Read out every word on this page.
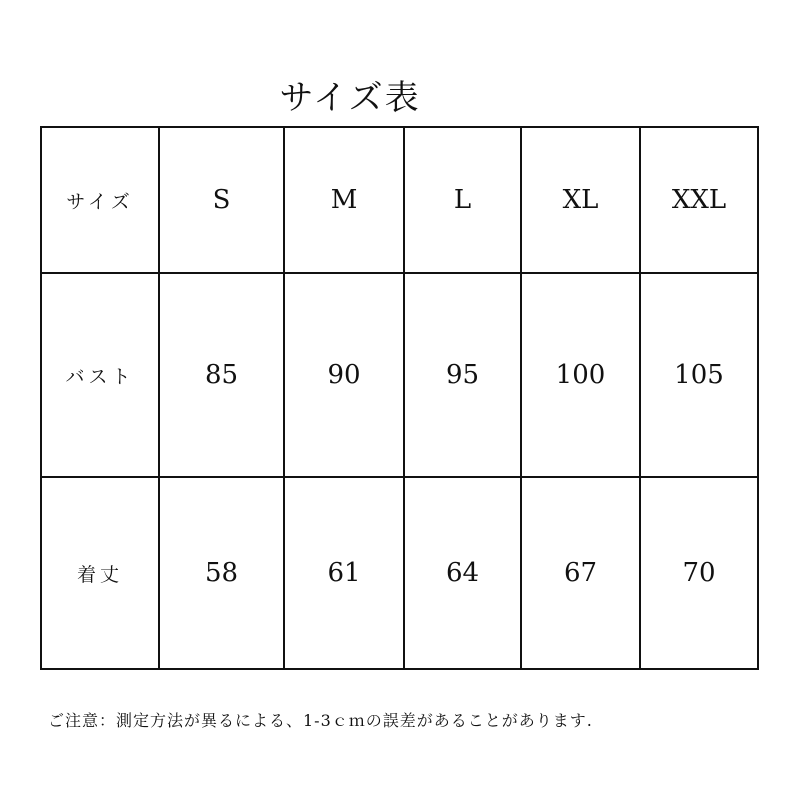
サイズ表
サイズ	S	M	L	XL	XXL
バスト	85	90	95	100	105
着丈	58	61	64	67	70
ご注意：測定方法が異るによる、1-3ｃｍの誤差があることがあります.
